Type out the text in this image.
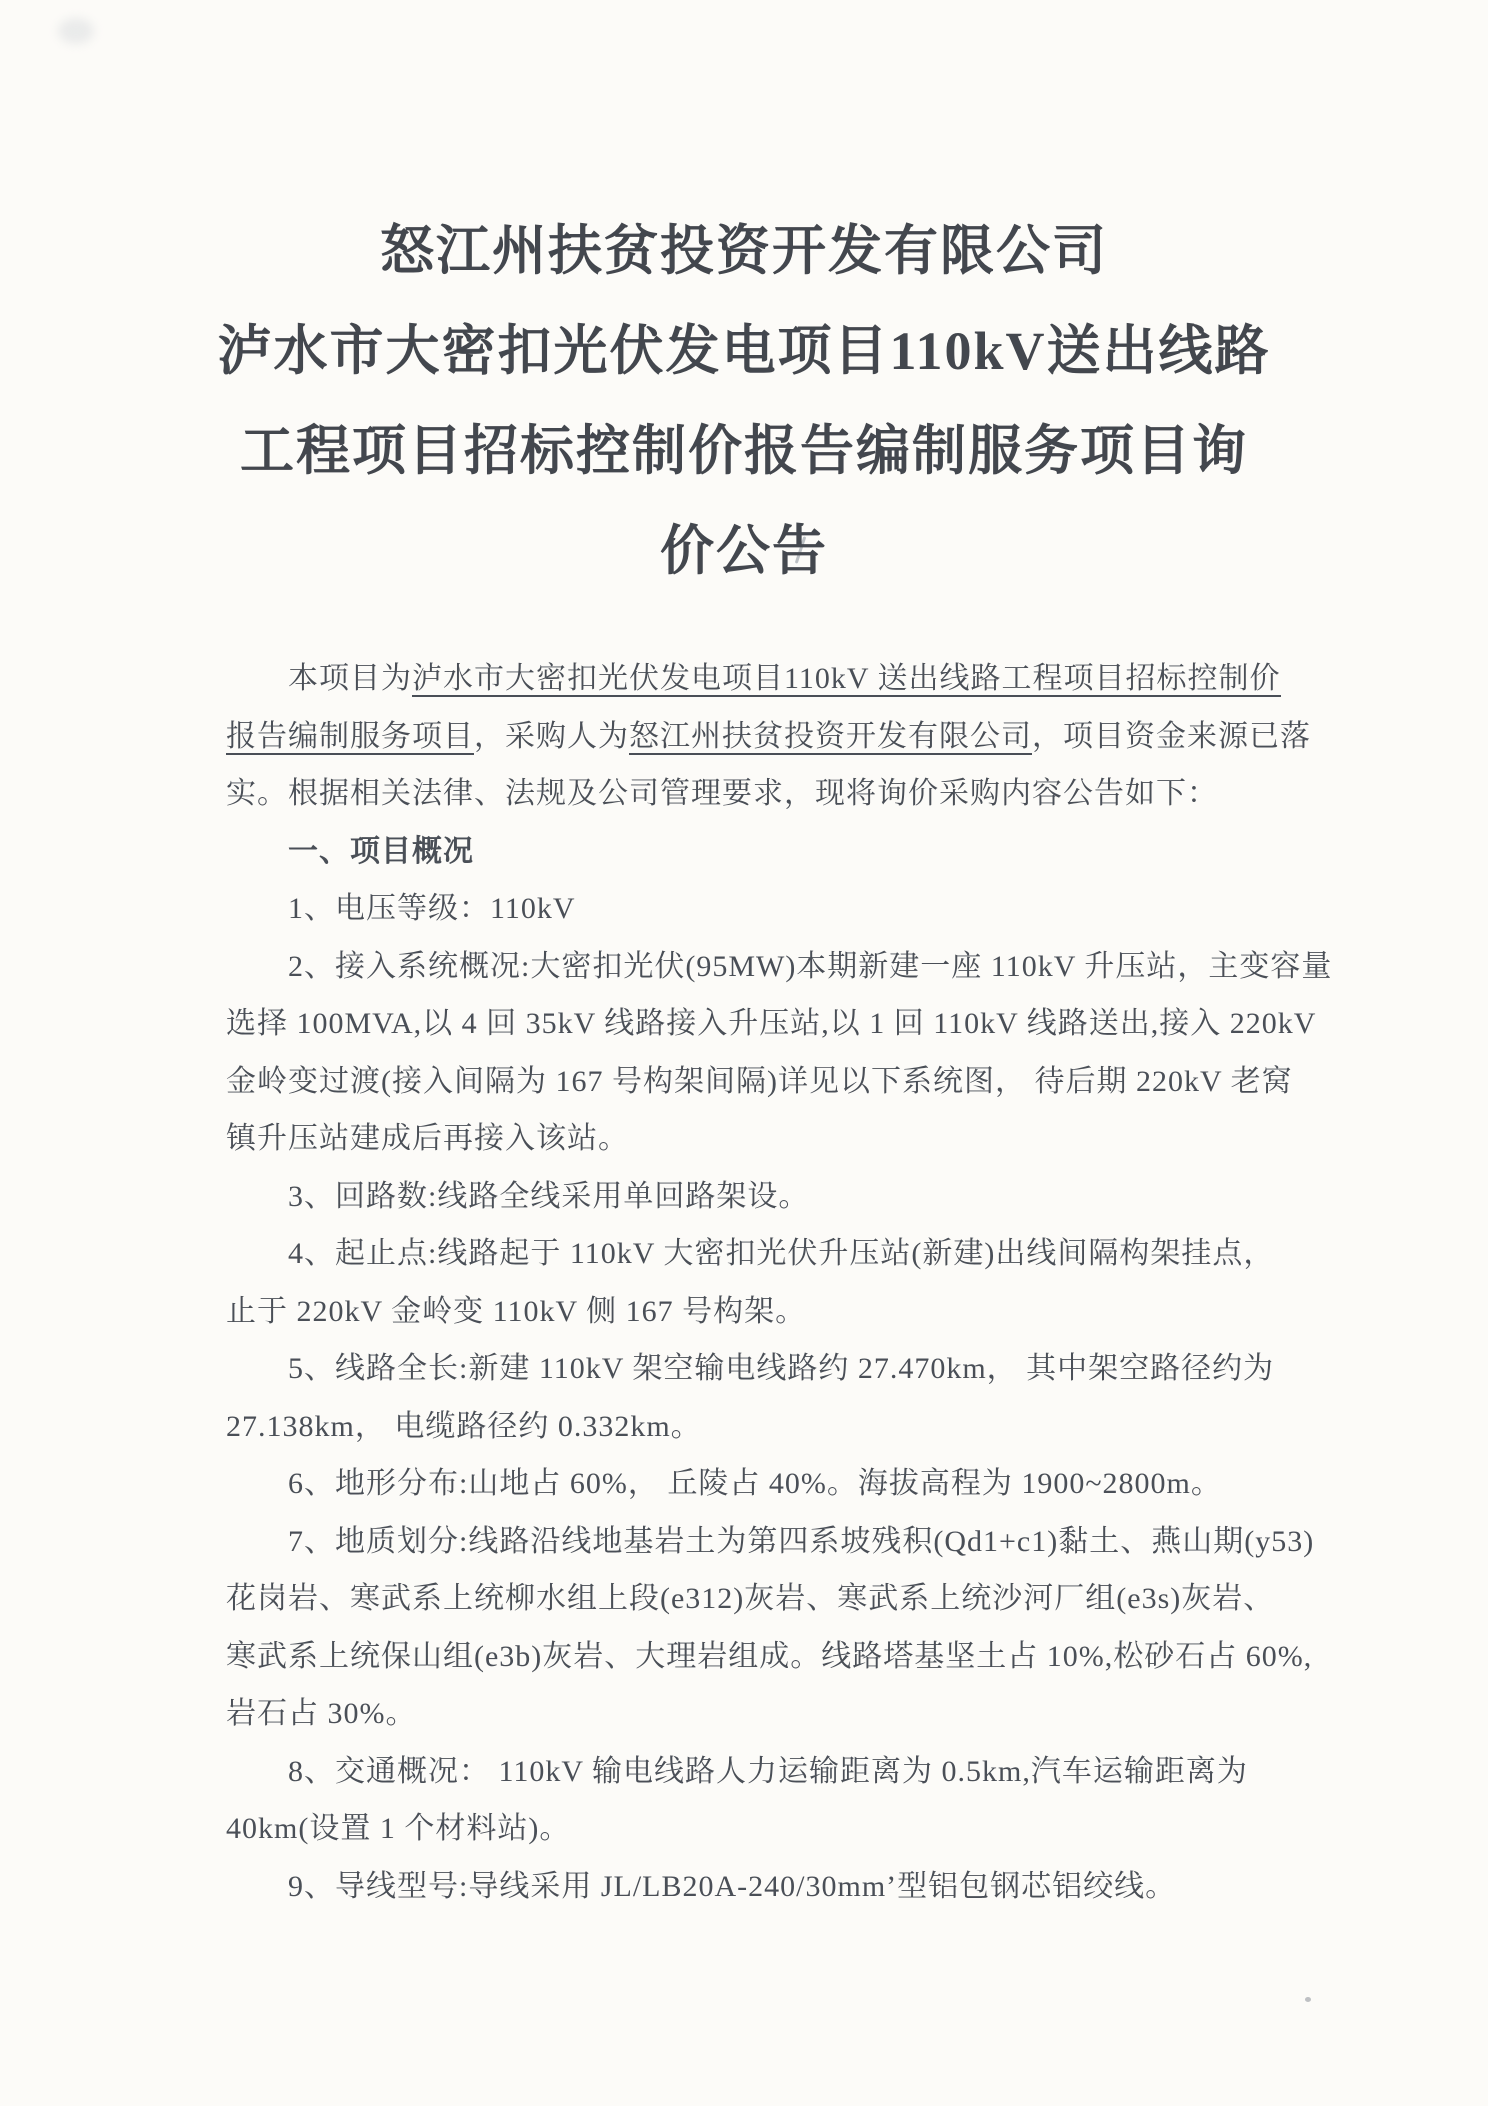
怒江州扶贫投资开发有限公司
泸水市大密扣光伏发电项目110kV送出线路
工程项目招标控制价报告编制服务项目询
价公告
本项目为泸水市大密扣光伏发电项目110kV 送出线路工程项目招标控制价
报告编制服务项目，采购人为怒江州扶贫投资开发有限公司，项目资金来源已落
实。根据相关法律、法规及公司管理要求，现将询价采购内容公告如下：
一、项目概况
1、电压等级：110kV
2、接入系统概况:大密扣光伏(95MW)本期新建一座 110kV 升压站，主变容量
选择 100MVA,以 4 回 35kV 线路接入升压站,以 1 回 110kV 线路送出,接入 220kV
金岭变过渡(接入间隔为 167 号构架间隔)详见以下系统图， 待后期 220kV 老窝
镇升压站建成后再接入该站。
3、回路数:线路全线采用单回路架设。
4、起止点:线路起于 110kV 大密扣光伏升压站(新建)出线间隔构架挂点，
止于 220kV 金岭变 110kV 侧 167 号构架。
5、线路全长:新建 110kV 架空输电线路约 27.470km， 其中架空路径约为
27.138km， 电缆路径约 0.332km。
6、地形分布:山地占 60%， 丘陵占 40%。海拔高程为 1900~2800m。
7、地质划分:线路沿线地基岩土为第四系坡残积(Qd1+c1)黏土、燕山期(y53)
花岗岩、寒武系上统柳水组上段(e312)灰岩、寒武系上统沙河厂组(e3s)灰岩、
寒武系上统保山组(e3b)灰岩、大理岩组成。线路塔基坚土占 10%,松砂石占 60%,
岩石占 30%。
8、交通概况： 110kV 输电线路人力运输距离为 0.5km,汽车运输距离为
40km(设置 1 个材料站)。
9、导线型号:导线采用 JL/LB20A-240/30mm’型铝包钢芯铝绞线。
